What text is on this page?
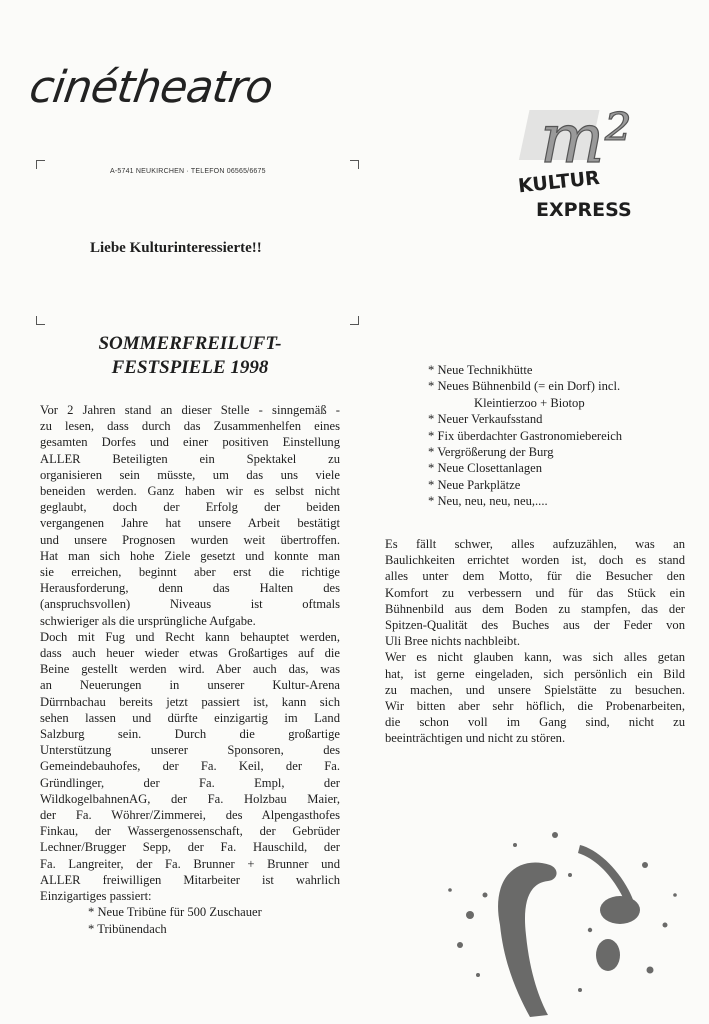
cinétheatro
A-5741 NEUKIRCHEN · TELEFON 06565/6675	m²
KULTUR
EXPRESS
Liebe Kulturinteressierte!!
SOMMERFREILUFT-
FESTSPIELE 1998
Vor 2 Jahren stand an dieser Stelle - sinngemäß -
zu lesen, dass durch das Zusammenhelfen eines
gesamten Dorfes und einer positiven Einstellung
ALLER Beteiligten ein Spektakel zu
organisieren sein müsste, um das uns viele
beneiden werden. Ganz haben wir es selbst nicht
geglaubt, doch der Erfolg der beiden
vergangenen Jahre hat unsere Arbeit bestätigt
und unsere Prognosen wurden weit übertroffen.
Hat man sich hohe Ziele gesetzt und konnte man
sie erreichen, beginnt aber erst die richtige
Herausforderung, denn das Halten des
(anspruchsvollen) Niveaus ist oftmals
schwieriger als die ursprüngliche Aufgabe.
Doch mit Fug und Recht kann behauptet werden,
dass auch heuer wieder etwas Großartiges auf die
Beine gestellt werden wird. Aber auch das, was
an Neuerungen in unserer Kultur-Arena
Dürrnbachau bereits jetzt passiert ist, kann sich
sehen lassen und dürfte einzigartig im Land
Salzburg sein. Durch die großartige
Unterstützung unserer Sponsoren, des
Gemeindebauhofes, der Fa. Keil, der Fa.
Gründlinger, der Fa. Empl, der
WildkogelbahnenAG, der Fa. Holzbau Maier,
der Fa. Wöhrer/Zimmerei, des Alpengasthofes
Finkau, der Wassergenossenschaft, der Gebrüder
Lechner/Brugger Sepp, der Fa. Hauschild, der
Fa. Langreiter, der Fa. Brunner + Brunner und
ALLER freiwilligen Mitarbeiter ist wahrlich
Einzigartiges passiert:
* Neue Tribüne für 500 Zuschauer
* Tribünendach
* Neue Technikhütte
* Neues Bühnenbild (= ein Dorf) incl.
Kleintierzoo + Biotop
* Neuer Verkaufsstand
* Fix überdachter Gastronomiebereich
* Vergrößerung der Burg
* Neue Closettanlagen
* Neue Parkplätze
* Neu, neu, neu, neu,....
Es fällt schwer, alles aufzuzählen, was an
Baulichkeiten errichtet worden ist, doch es stand
alles unter dem Motto, für die Besucher den
Komfort zu verbessern und für das Stück ein
Bühnenbild aus dem Boden zu stampfen, das der
Spitzen-Qualität des Buches aus der Feder von
Uli Bree nichts nachbleibt.
Wer es nicht glauben kann, was sich alles getan
hat, ist gerne eingeladen, sich persönlich ein Bild
zu machen, und unsere Spielstätte zu besuchen.
Wir bitten aber sehr höflich, die Probenarbeiten,
die schon voll im Gang sind, nicht zu
beeinträchtigen und nicht zu stören.
